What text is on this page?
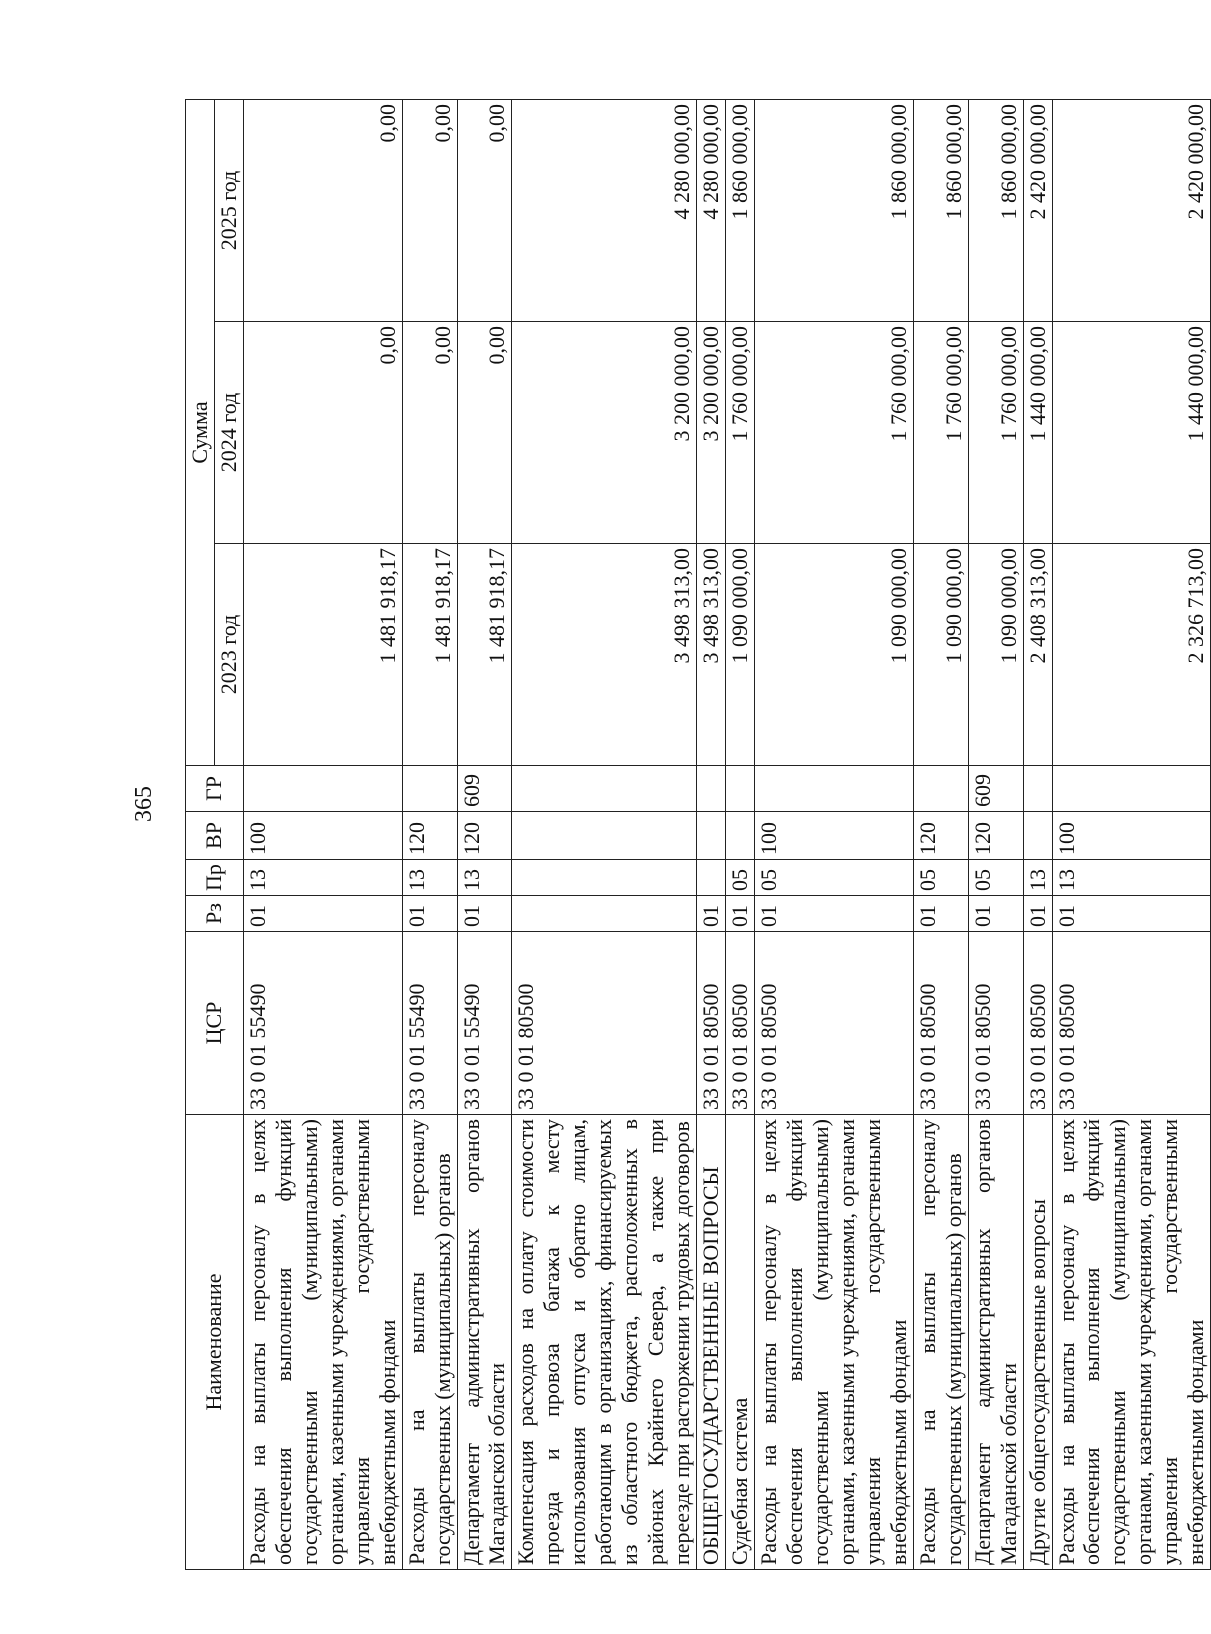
365
Наименование	ЦСР	Рз	Пр	ВР	ГР	Сумма		
						2023 год	2024 год	2025 год
Расходы на выплаты персоналу в целях обеспечения выполнения функций государственными (муниципальными) органами, казенными учреждениями, органами управления государственными внебюджетными фондами	33 0 01 55490	01	13	100		1 481 918,17	0,00	0,00
Расходы на выплаты персоналу государственных (муниципальных) органов	33 0 01 55490	01	13	120		1 481 918,17	0,00	0,00
Департамент административных органов Магаданской области	33 0 01 55490	01	13	120	609	1 481 918,17	0,00	0,00
Компенсация расходов на оплату стоимости проезда и провоза багажа к месту использования отпуска и обратно лицам, работающим в организациях, финансируемых из областного бюджета, расположенных в районах Крайнего Севера, а также при переезде при расторжении трудовых договоров	33 0 01 80500					3 498 313,00	3 200 000,00	4 280 000,00
ОБЩЕГОСУДАРСТВЕННЫЕ ВОПРОСЫ	33 0 01 80500	01				3 498 313,00	3 200 000,00	4 280 000,00
Судебная система	33 0 01 80500	01	05			1 090 000,00	1 760 000,00	1 860 000,00
Расходы на выплаты персоналу в целях обеспечения выполнения функций государственными (муниципальными) органами, казенными учреждениями, органами управления государственными внебюджетными фондами	33 0 01 80500	01	05	100		1 090 000,00	1 760 000,00	1 860 000,00
Расходы на выплаты персоналу государственных (муниципальных) органов	33 0 01 80500	01	05	120		1 090 000,00	1 760 000,00	1 860 000,00
Департамент административных органов Магаданской области	33 0 01 80500	01	05	120	609	1 090 000,00	1 760 000,00	1 860 000,00
Другие общегосударственные вопросы	33 0 01 80500	01	13			2 408 313,00	1 440 000,00	2 420 000,00
Расходы на выплаты персоналу в целях обеспечения выполнения функций государственными (муниципальными) органами, казенными учреждениями, органами управления государственными внебюджетными фондами	33 0 01 80500	01	13	100		2 326 713,00	1 440 000,00	2 420 000,00
